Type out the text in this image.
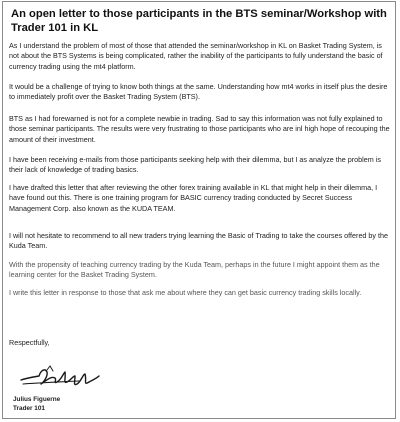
An open letter to those participants in the BTS seminar/Workshop with Trader 101 in KL
As I understand the problem of most of those that attended the seminar/workshop in KL on Basket Trading System, is not about the BTS Systems is being complicated, rather the inability of the participants to fully understand the basic of currency trading using the mt4 platform.
It would be a challenge of trying to know both things at the same. Understanding how mt4 works in itself plus the desire to immediately profit over the Basket Trading System (BTS).
BTS as I had forewarned is not for a complete newbie in trading. Sad to say this information was not fully explained to those seminar participants. The results were very frustrating to those participants who are inl high hope of recouping the amount of their investment.
I have been receiving e-mails from those participants seeking help with their dilemma, but I as analyze the problem is their lack of knowledge of trading basics.
I have drafted this letter that after reviewing the other forex training available in KL that might help in their dilemma, I have found out this. There is one training program for BASIC currency trading conducted by Secret Success Management Corp. also known as the KUDA TEAM.
I will not hesitate to recommend to all new traders trying learning the Basic of Trading to take the courses offered by the Kuda Team.
With the propensity of teaching currency trading by the Kuda Team, perhaps in the future I might appoint them as the learning center for the Basket Trading System.
I write this letter in response to those that ask me about where they can get basic currency trading skills locally.
Respectfully,
Julius Figuerne
Trader 101
